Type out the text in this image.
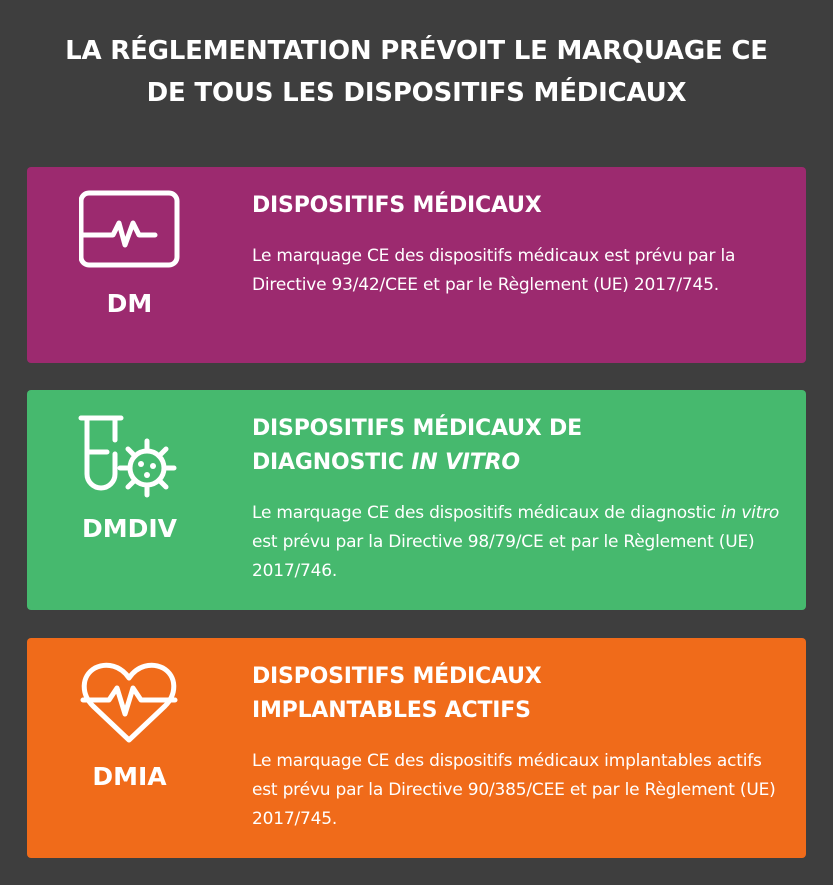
LA RÉGLEMENTATION PRÉVOIT LE MARQUAGE CE
DE TOUS LES DISPOSITIFS MÉDICAUX
DM
DISPOSITIFS MÉDICAUX

Le marquage CE des dispositifs médicaux est prévu par la Directive 93/42/CEE et par le Règlement (UE) 2017/745.

DMDIV
DISPOSITIFS MÉDICAUX DE
DIAGNOSTIC IN VITRO

Le marquage CE des dispositifs médicaux de diagnostic in vitro est prévu par la Directive 98/79/CE et par le Règlement (UE) 2017/746.

DMIA
DISPOSITIFS MÉDICAUX
IMPLANTABLES ACTIFS

Le marquage CE des dispositifs médicaux implantables actifs est prévu par la Directive 90/385/CEE et par le Règlement (UE) 2017/745.
